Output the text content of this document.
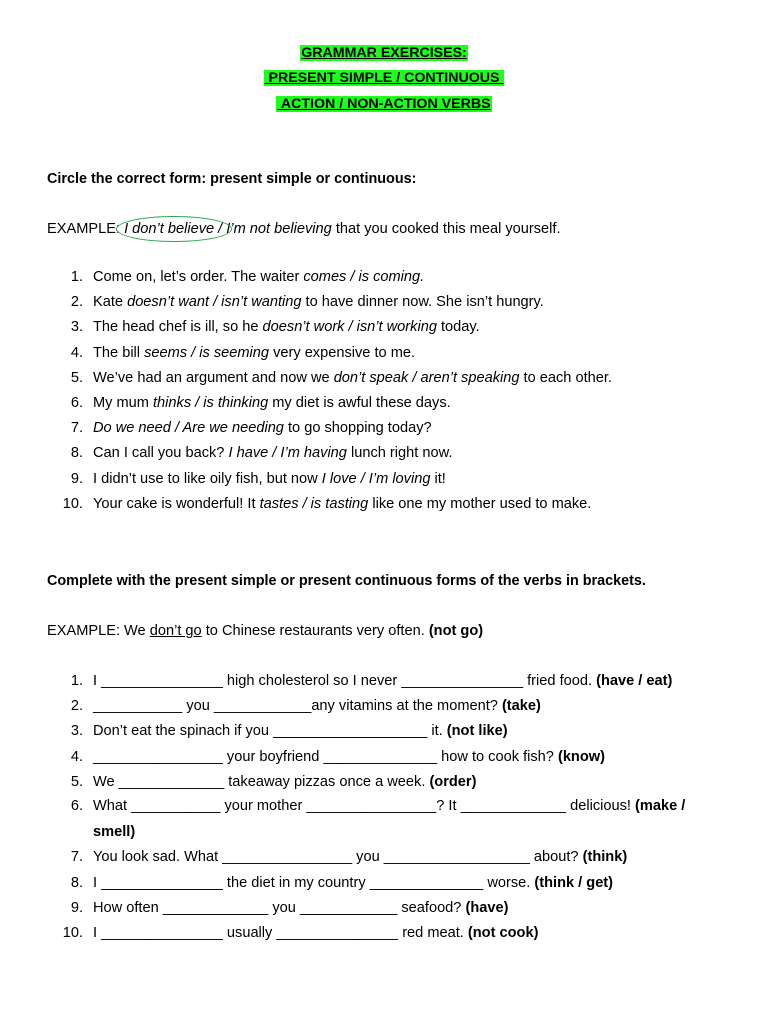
GRAMMAR EXERCISES:
PRESENT SIMPLE / CONTINUOUS
ACTION / NON-ACTION VERBS
Circle the correct form: present simple or continuous:
EXAMPLE: I don’t believe / I’m not believing that you cooked this meal yourself.
1. Come on, let’s order. The waiter comes / is coming.
2. Kate doesn’t want / isn’t wanting to have dinner now. She isn’t hungry.
3. The head chef is ill, so he doesn’t work / isn’t working today.
4. The bill seems / is seeming very expensive to me.
5. We’ve had an argument and now we don’t speak / aren’t speaking to each other.
6. My mum thinks / is thinking my diet is awful these days.
7. Do we need / Are we needing to go shopping today?
8. Can I call you back? I have / I’m having lunch right now.
9. I didn’t use to like oily fish, but now I love / I’m loving it!
10. Your cake is wonderful! It tastes / is tasting like one my mother used to make.
Complete with the present simple or present continuous forms of the verbs in brackets.
EXAMPLE: We don’t go to Chinese restaurants very often. (not go)
1. I _______________ high cholesterol so I never _______________ fried food. (have / eat)
2. ___________ you ____________any vitamins at the moment? (take)
3. Don’t eat the spinach if you ___________________ it. (not like)
4. ________________ your boyfriend ______________ how to cook fish? (know)
5. We _____________ takeaway pizzas once a week. (order)
6. What ___________ your mother ________________? It _____________ delicious! (make / smell)
7. You look sad. What ________________ you __________________ about? (think)
8. I _______________ the diet in my country ______________ worse. (think / get)
9. How often _____________ you ____________ seafood? (have)
10. I _______________ usually _______________ red meat. (not cook)
